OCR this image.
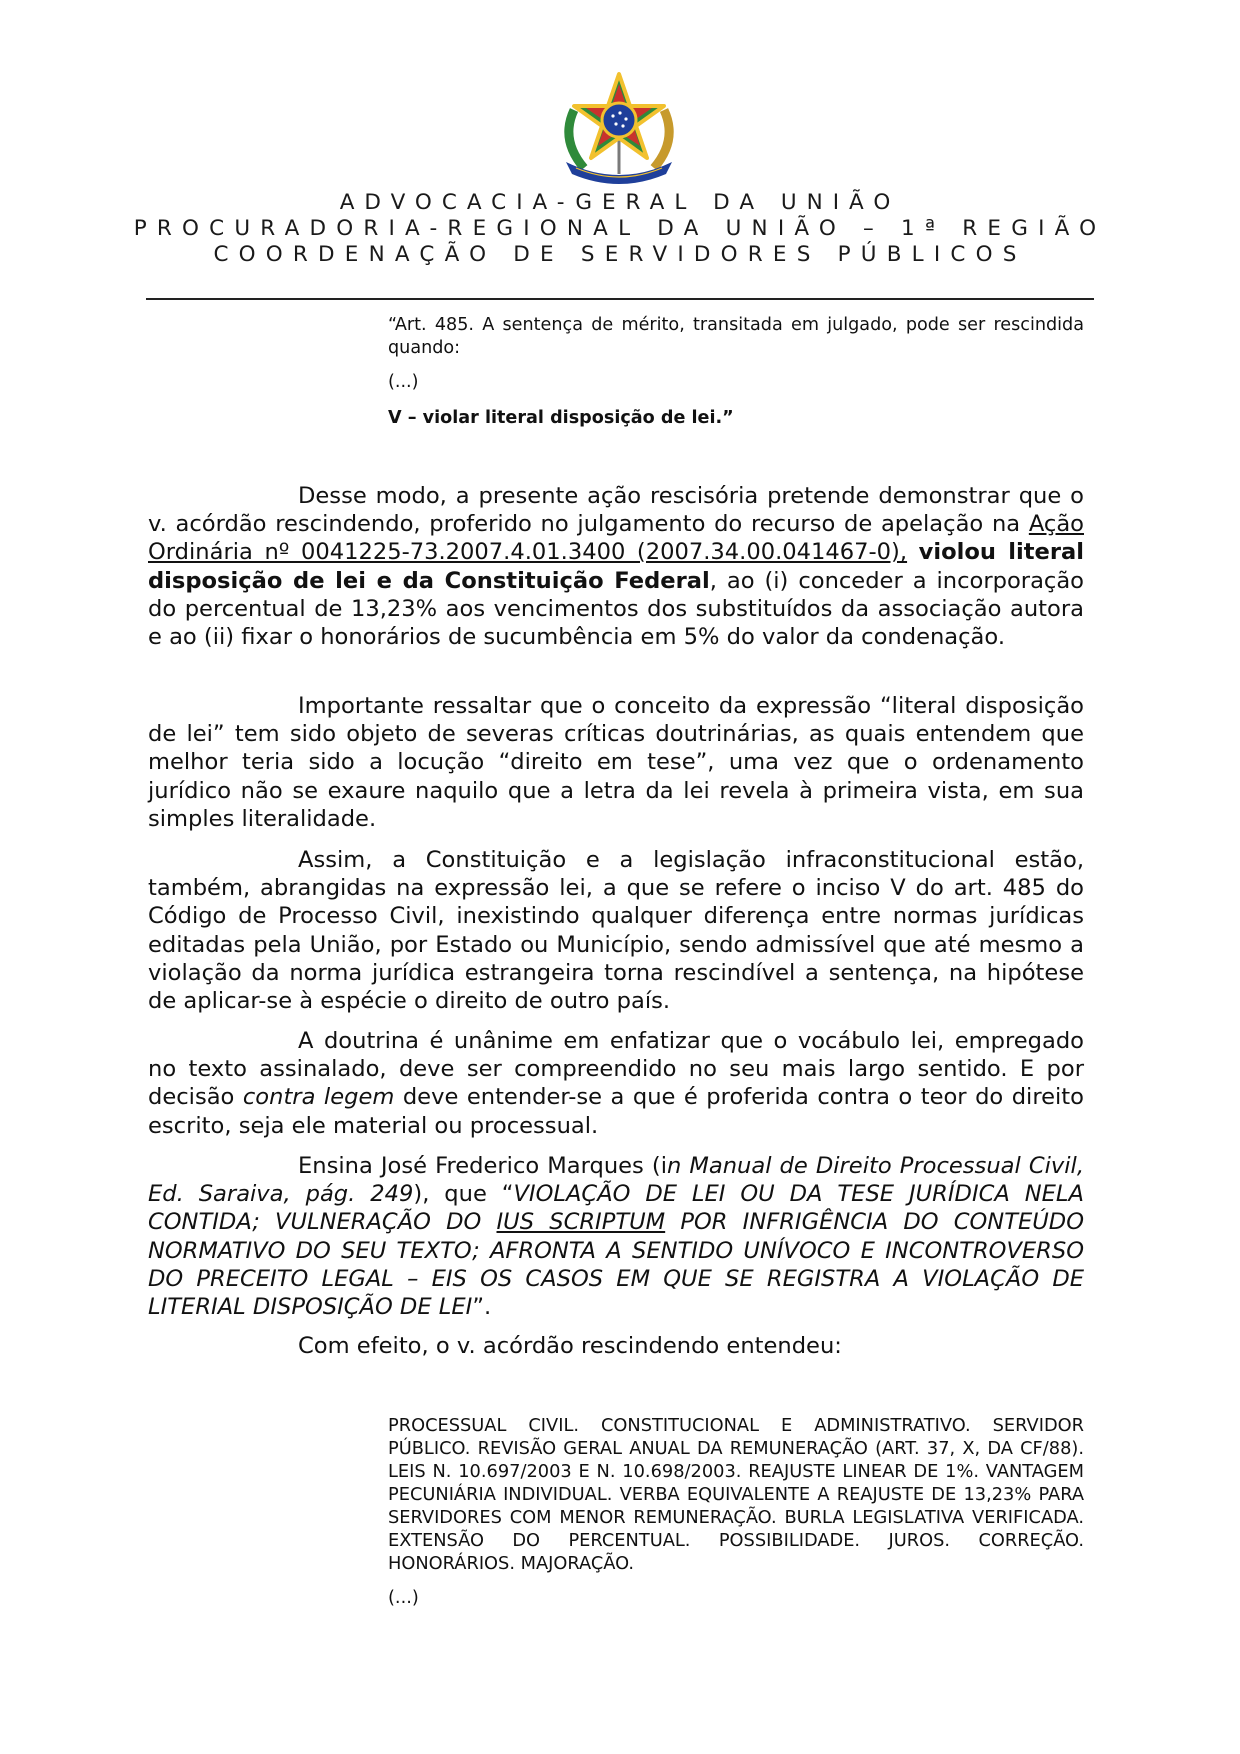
ADVOCACIA-GERAL DA UNIÃO
PROCURADORIA-REGIONAL DA UNIÃO – 1ª REGIÃO
COORDENAÇÃO DE SERVIDORES PÚBLICOS
“Art. 485. A sentença de mérito, transitada em julgado, pode ser rescindida quando:
(...)
V – violar literal disposição de lei.”
Desse modo, a presente ação rescisória pretende demonstrar que o v. acórdão rescindendo, proferido no julgamento do recurso de apelação na Ação Ordinária nº 0041225-73.2007.4.01.3400 (2007.34.00.041467-0), violou literal disposição de lei e da Constituição Federal, ao (i) conceder a incorporação do percentual de 13,23% aos vencimentos dos substituídos da associação autora e ao (ii) fixar o honorários de sucumbência em 5% do valor da condenação.
Importante ressaltar que o conceito da expressão “literal disposição de lei” tem sido objeto de severas críticas doutrinárias, as quais entendem que melhor teria sido a locução “direito em tese”, uma vez que o ordenamento jurídico não se exaure naquilo que a letra da lei revela à primeira vista, em sua simples literalidade.
Assim, a Constituição e a legislação infraconstitucional estão, também, abrangidas na expressão lei, a que se refere o inciso V do art. 485 do Código de Processo Civil, inexistindo qualquer diferença entre normas jurídicas editadas pela União, por Estado ou Município, sendo admissível que até mesmo a violação da norma jurídica estrangeira torna rescindível a sentença, na hipótese de aplicar-se à espécie o direito de outro país.
A doutrina é unânime em enfatizar que o vocábulo lei, empregado no texto assinalado, deve ser compreendido no seu mais largo sentido. E por decisão contra legem deve entender-se a que é proferida contra o teor do direito escrito, seja ele material ou processual.
Ensina José Frederico Marques (in Manual de Direito Processual Civil, Ed. Saraiva, pág. 249), que “VIOLAÇÃO DE LEI OU DA TESE JURÍDICA NELA CONTIDA; VULNERAÇÃO DO IUS SCRIPTUM POR INFRIGÊNCIA DO CONTEÚDO NORMATIVO DO SEU TEXTO; AFRONTA A SENTIDO UNÍVOCO E INCONTROVERSO DO PRECEITO LEGAL – EIS OS CASOS EM QUE SE REGISTRA A VIOLAÇÃO DE LITERIAL DISPOSIÇÃO DE LEI”.
Com efeito, o v. acórdão rescindendo entendeu:
PROCESSUAL CIVIL. CONSTITUCIONAL E ADMINISTRATIVO. SERVIDOR PÚBLICO. REVISÃO GERAL ANUAL DA REMUNERAÇÃO (ART. 37, X, DA CF/88). LEIS N. 10.697/2003 E N. 10.698/2003. REAJUSTE LINEAR DE 1%. VANTAGEM PECUNIÁRIA INDIVIDUAL. VERBA EQUIVALENTE A REAJUSTE DE 13,23% PARA SERVIDORES COM MENOR REMUNERAÇÃO. BURLA LEGISLATIVA VERIFICADA. EXTENSÃO DO PERCENTUAL. POSSIBILIDADE. JUROS. CORREÇÃO. HONORÁRIOS. MAJORAÇÃO.
(...)
